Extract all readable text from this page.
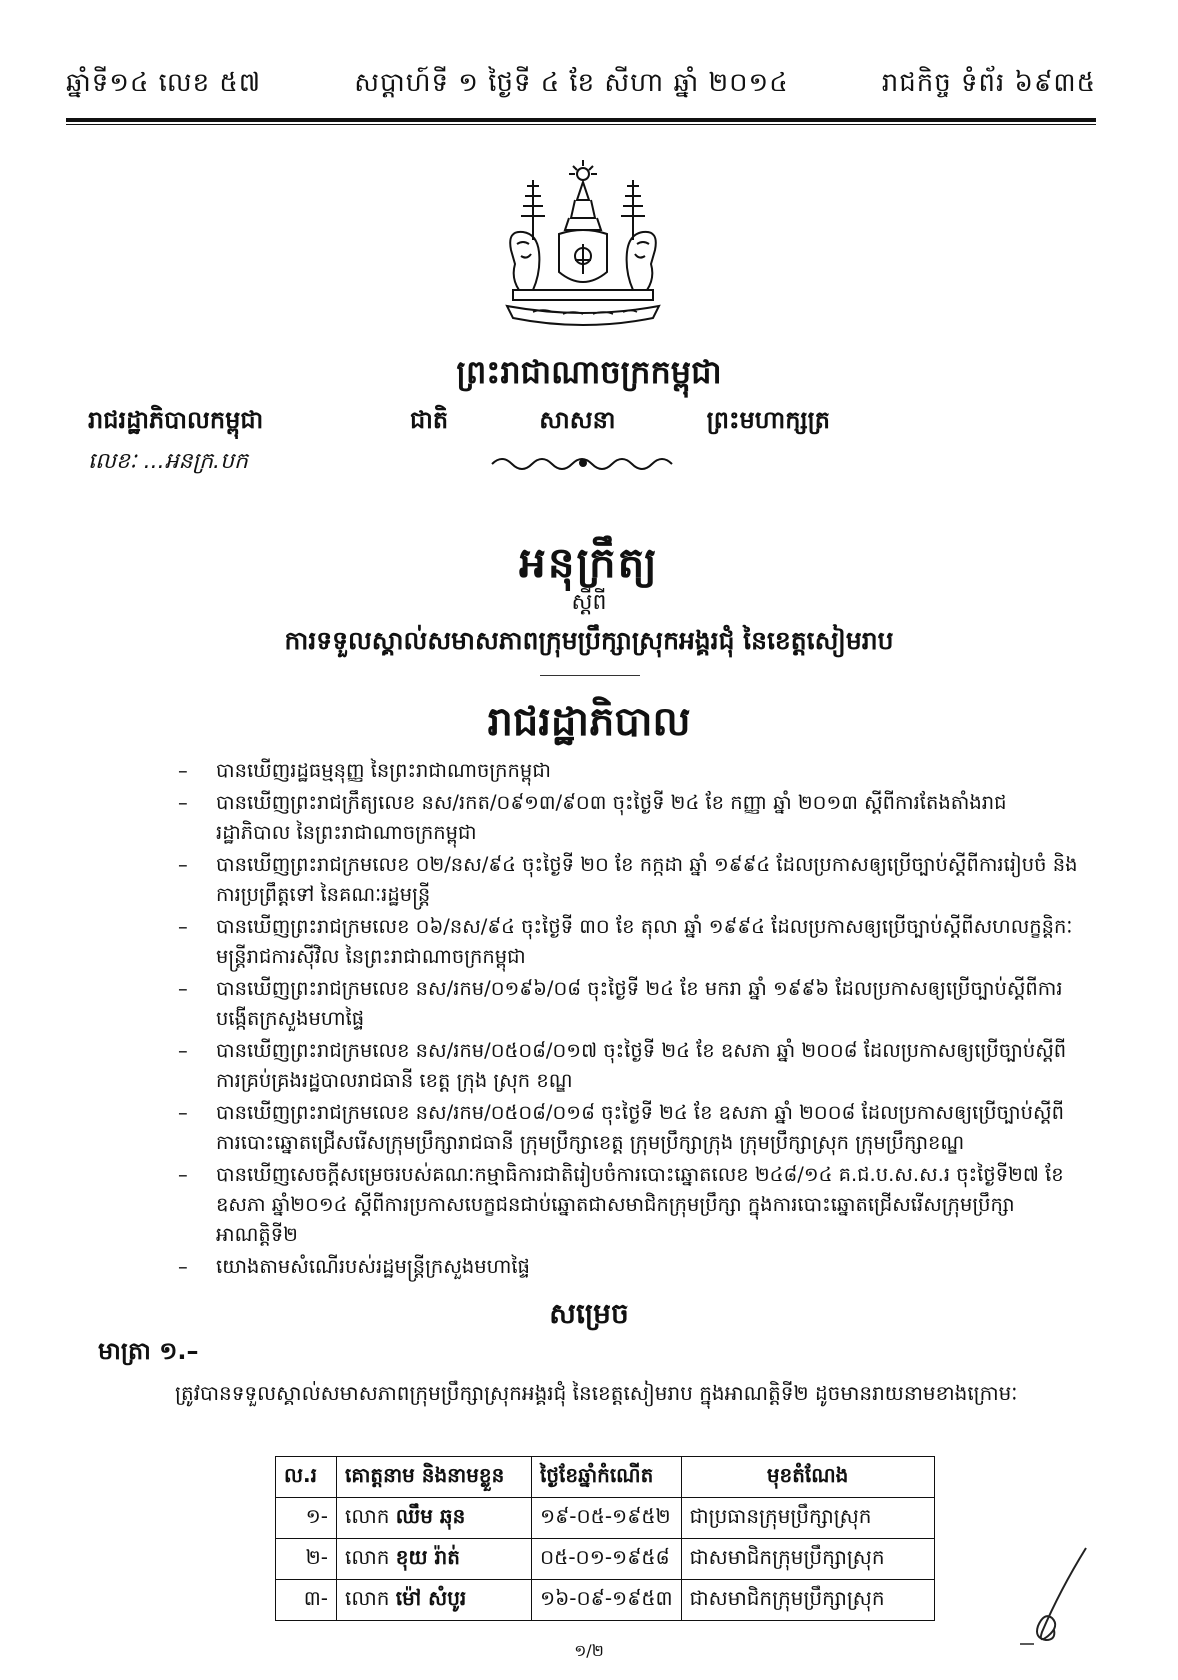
ឆ្នាំទី១៤ លេខ ៥៧	សប្ដាហ៍ទី ១ ថ្ងៃទី ៤ ខែ សីហា ឆ្នាំ ២០១៤	រាជកិច្ច ទំព័រ ៦៩៣៥
ព្រះរាជាណាចក្រកម្ពុជា
រាជរដ្ឋាភិបាលកម្ពុជា	ជាតិ	សាសនា	ព្រះមហាក្សត្រ
លេខៈ ...អនក្រ.បក
អនុក្រឹត្យ
ស្ដីពី
ការទទួលស្គាល់សមាសភាពក្រុមប្រឹក្សាស្រុកអង្គរជុំ នៃខេត្តសៀមរាប
រាជរដ្ឋាភិបាល
– បានឃើញរដ្ឋធម្មនុញ្ញ នៃព្រះរាជាណាចក្រកម្ពុជា
– បានឃើញព្រះរាជក្រឹត្យលេខ នស/រកត/០៩១៣/៩០៣ ចុះថ្ងៃទី ២៤ ខែ កញ្ញា ឆ្នាំ ២០១៣ ស្ដីពីការតែងតាំងរាជរដ្ឋាភិបាល នៃព្រះរាជាណាចក្រកម្ពុជា
– បានឃើញព្រះរាជក្រមលេខ ០២/នស/៩៤ ចុះថ្ងៃទី ២០ ខែ កក្កដា ឆ្នាំ ១៩៩៤ ដែលប្រកាសឲ្យប្រើច្បាប់ស្ដីពីការរៀបចំ និងការប្រព្រឹត្តទៅ នៃគណៈរដ្ឋមន្ត្រី
– បានឃើញព្រះរាជក្រមលេខ ០៦/នស/៩៤ ចុះថ្ងៃទី ៣០ ខែ តុលា ឆ្នាំ ១៩៩៤ ដែលប្រកាសឲ្យប្រើច្បាប់ស្ដីពីសហលក្ខន្តិកៈមន្ត្រីរាជការស៊ីវិល នៃព្រះរាជាណាចក្រកម្ពុជា
– បានឃើញព្រះរាជក្រមលេខ នស/រកម/០១៩៦/០៨ ចុះថ្ងៃទី ២៤ ខែ មករា ឆ្នាំ ១៩៩៦ ដែលប្រកាសឲ្យប្រើច្បាប់ស្ដីពីការបង្កើតក្រសួងមហាផ្ទៃ
– បានឃើញព្រះរាជក្រមលេខ នស/រកម/០៥០៨/០១៧ ចុះថ្ងៃទី ២៤ ខែ ឧសភា ឆ្នាំ ២០០៨ ដែលប្រកាសឲ្យប្រើច្បាប់ស្ដីពីការគ្រប់គ្រងរដ្ឋបាលរាជធានី ខេត្ត ក្រុង ស្រុក ខណ្ឌ
– បានឃើញព្រះរាជក្រមលេខ នស/រកម/០៥០៨/០១៨ ចុះថ្ងៃទី ២៤ ខែ ឧសភា ឆ្នាំ ២០០៨ ដែលប្រកាសឲ្យប្រើច្បាប់ស្ដីពីការបោះឆ្នោតជ្រើសរើសក្រុមប្រឹក្សារាជធានី ក្រុមប្រឹក្សាខេត្ត ក្រុមប្រឹក្សាក្រុង ក្រុមប្រឹក្សាស្រុក ក្រុមប្រឹក្សាខណ្ឌ
– បានឃើញសេចក្ដីសម្រេចរបស់គណៈកម្មាធិការជាតិរៀបចំការបោះឆ្នោតលេខ ២៤៨/១៤ គ.ជ.ប.ស.ស.រ ចុះថ្ងៃទី២៧ ខែឧសភា ឆ្នាំ២០១៤ ស្ដីពីការប្រកាសបេក្ខជនជាប់ឆ្នោតជាសមាជិកក្រុមប្រឹក្សា ក្នុងការបោះឆ្នោតជ្រើសរើសក្រុមប្រឹក្សា អាណត្តិទី២
– យោងតាមសំណើរបស់រដ្ឋមន្ត្រីក្រសួងមហាផ្ទៃ
សម្រេច
មាត្រា ១.–
ត្រូវបានទទួលស្គាល់សមាសភាពក្រុមប្រឹក្សាស្រុកអង្គរជុំ នៃខេត្តសៀមរាប ក្នុងអាណត្តិទី២ ដូចមានរាយនាមខាងក្រោមៈ
ល.រ	គោត្តនាម និងនាមខ្លួន	ថ្ងៃខែឆ្នាំកំណើត	មុខតំណែង
១-	លោក ឈឹម ឆុន	១៩-០៥-១៩៥២	ជាប្រធានក្រុមប្រឹក្សាស្រុក
២-	លោក ខុយ រ៉ាត់	០៥-០១-១៩៥៨	ជាសមាជិកក្រុមប្រឹក្សាស្រុក
៣-	លោក ម៉ៅ សំបូរ	១៦-០៩-១៩៥៣	ជាសមាជិកក្រុមប្រឹក្សាស្រុក
១/២
